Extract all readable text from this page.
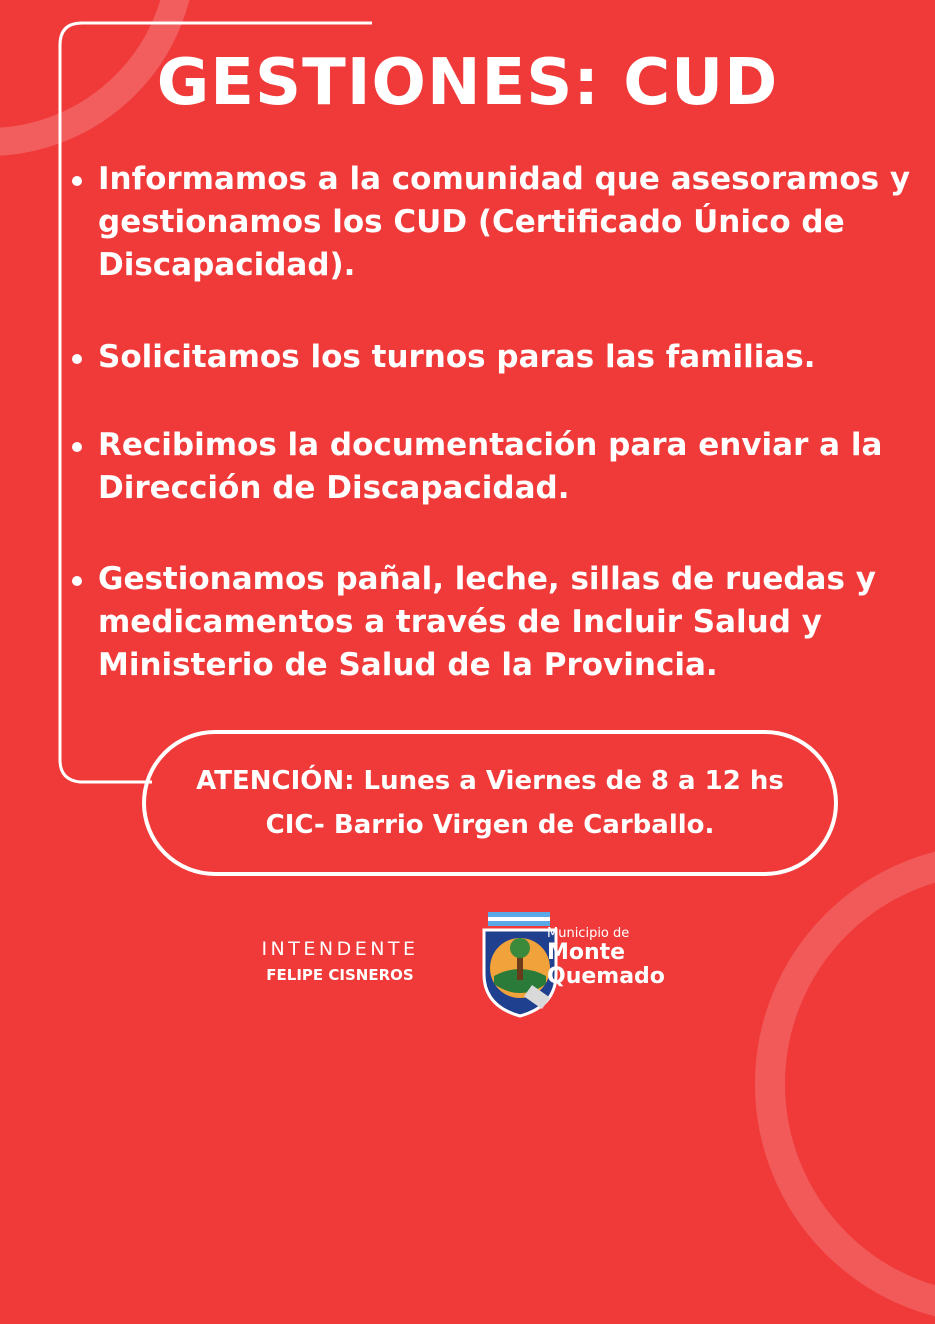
GESTIONES: CUD
Informamos a la comunidad que asesoramos y gestionamos los CUD (Certificado Único de Discapacidad).
Solicitamos los turnos paras las familias.
Recibimos la documentación para enviar a la Dirección de Discapacidad.
Gestionamos pañal, leche, sillas de ruedas y medicamentos a través de Incluir Salud y Ministerio de Salud de la Provincia.
ATENCIÓN: Lunes a Viernes de 8 a 12 hs
CIC- Barrio Virgen de Carballo.
INTENDENTE
FELIPE CISNEROS
Municipio de
Monte
Quemado
